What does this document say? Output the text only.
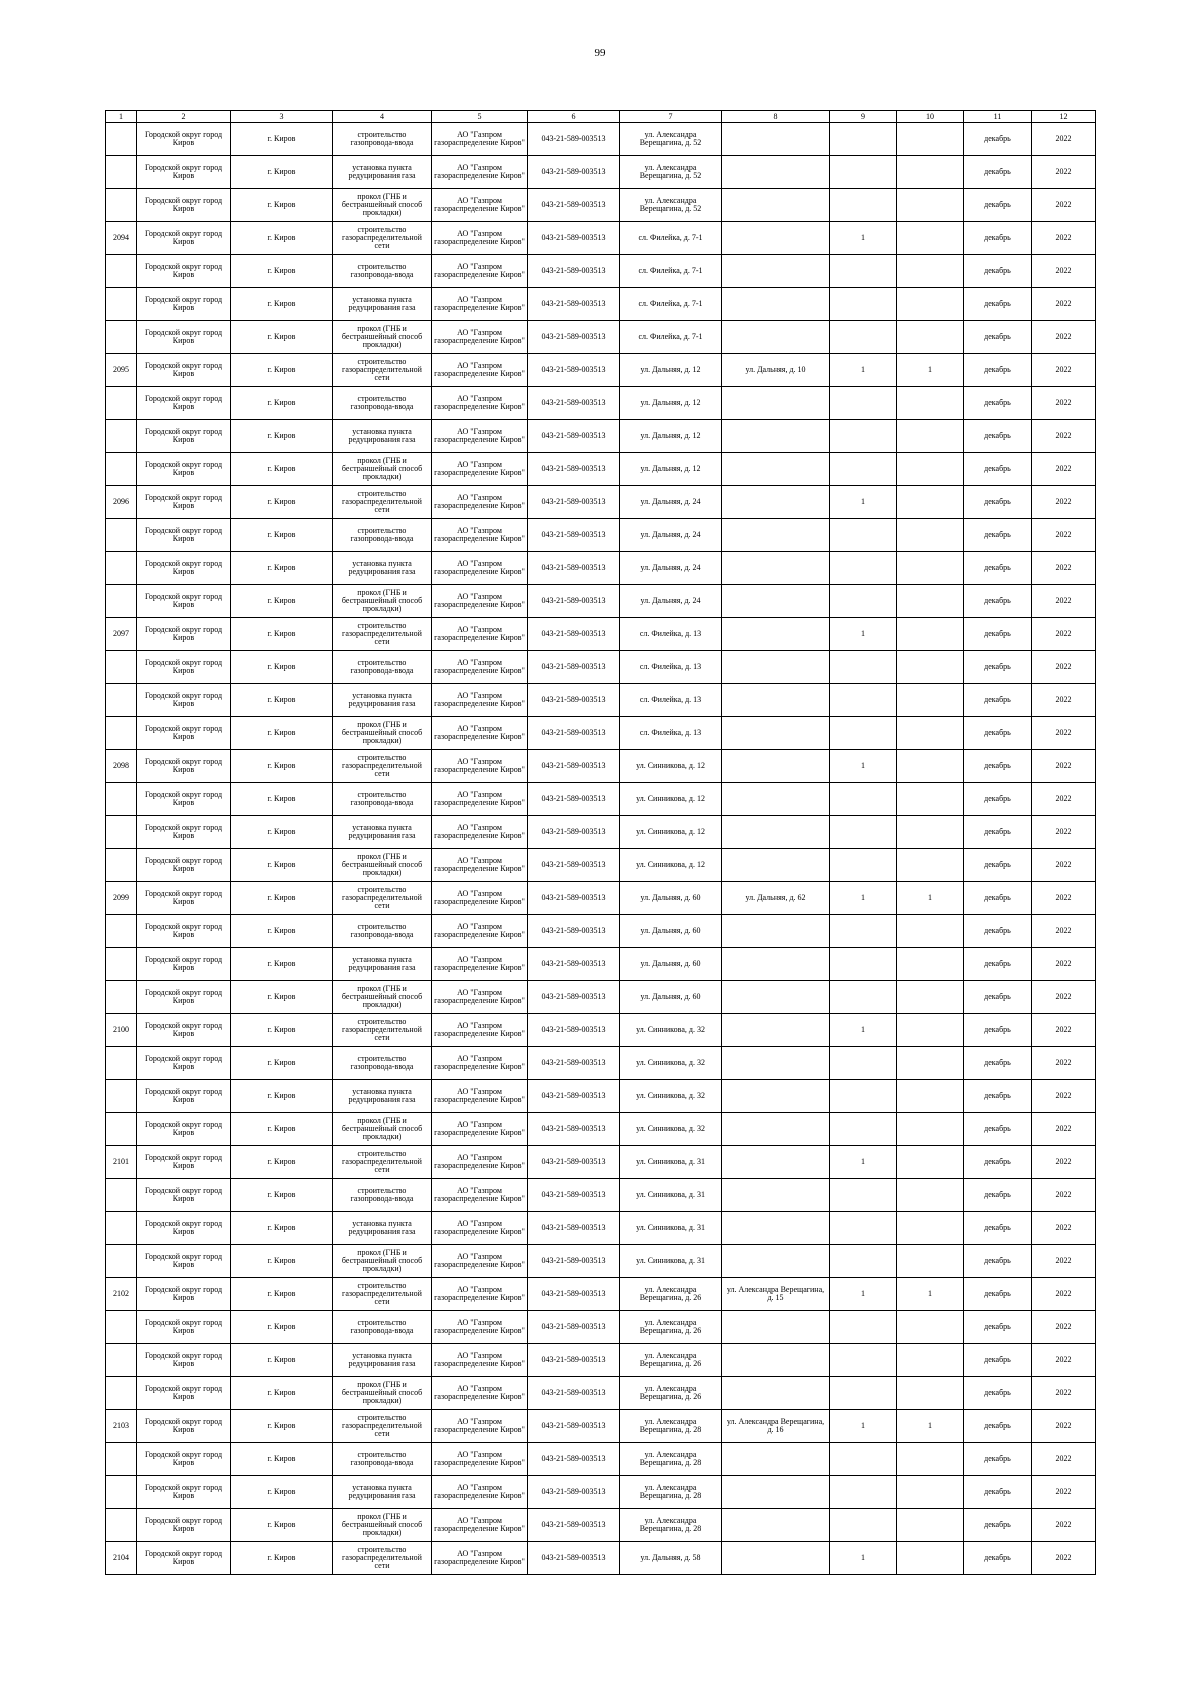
99
1	2	3	4	5	6	7	8	9	10	11	12

	Городской округ город Киров	г. Киров	строительство газопровода-ввода	АО "Газпром газораспределение Киров"	043-21-589-003513	ул. Александра Верещагина, д. 52				декабрь	2022

	Городской округ город Киров	г. Киров	установка пункта редуцирования газа	АО "Газпром газораспределение Киров"	043-21-589-003513	ул. Александра Верещагина, д. 52				декабрь	2022

	Городской округ город Киров	г. Киров	прокол (ГНБ и бестраншейный способ прокладки)	АО "Газпром газораспределение Киров"	043-21-589-003513	ул. Александра Верещагина, д. 52				декабрь	2022

2094	Городской округ город Киров	г. Киров	строительство газораспределительной сети	АО "Газпром газораспределение Киров"	043-21-589-003513	сл. Филейка, д. 7-1		1		декабрь	2022

	Городской округ город Киров	г. Киров	строительство газопровода-ввода	АО "Газпром газораспределение Киров"	043-21-589-003513	сл. Филейка, д. 7-1				декабрь	2022

	Городской округ город Киров	г. Киров	установка пункта редуцирования газа	АО "Газпром газораспределение Киров"	043-21-589-003513	сл. Филейка, д. 7-1				декабрь	2022

	Городской округ город Киров	г. Киров	прокол (ГНБ и бестраншейный способ прокладки)	АО "Газпром газораспределение Киров"	043-21-589-003513	сл. Филейка, д. 7-1				декабрь	2022

2095	Городской округ город Киров	г. Киров	строительство газораспределительной сети	АО "Газпром газораспределение Киров"	043-21-589-003513	ул. Дальняя, д. 12	ул. Дальняя, д. 10	1	1	декабрь	2022

	Городской округ город Киров	г. Киров	строительство газопровода-ввода	АО "Газпром газораспределение Киров"	043-21-589-003513	ул. Дальняя, д. 12				декабрь	2022

	Городской округ город Киров	г. Киров	установка пункта редуцирования газа	АО "Газпром газораспределение Киров"	043-21-589-003513	ул. Дальняя, д. 12				декабрь	2022

	Городской округ город Киров	г. Киров	прокол (ГНБ и бестраншейный способ прокладки)	АО "Газпром газораспределение Киров"	043-21-589-003513	ул. Дальняя, д. 12				декабрь	2022

2096	Городской округ город Киров	г. Киров	строительство газораспределительной сети	АО "Газпром газораспределение Киров"	043-21-589-003513	ул. Дальняя, д. 24		1		декабрь	2022

	Городской округ город Киров	г. Киров	строительство газопровода-ввода	АО "Газпром газораспределение Киров"	043-21-589-003513	ул. Дальняя, д. 24				декабрь	2022

	Городской округ город Киров	г. Киров	установка пункта редуцирования газа	АО "Газпром газораспределение Киров"	043-21-589-003513	ул. Дальняя, д. 24				декабрь	2022

	Городской округ город Киров	г. Киров	прокол (ГНБ и бестраншейный способ прокладки)	АО "Газпром газораспределение Киров"	043-21-589-003513	ул. Дальняя, д. 24				декабрь	2022

2097	Городской округ город Киров	г. Киров	строительство газораспределительной сети	АО "Газпром газораспределение Киров"	043-21-589-003513	сл. Филейка, д. 13		1		декабрь	2022

	Городской округ город Киров	г. Киров	строительство газопровода-ввода	АО "Газпром газораспределение Киров"	043-21-589-003513	сл. Филейка, д. 13				декабрь	2022

	Городской округ город Киров	г. Киров	установка пункта редуцирования газа	АО "Газпром газораспределение Киров"	043-21-589-003513	сл. Филейка, д. 13				декабрь	2022

	Городской округ город Киров	г. Киров	прокол (ГНБ и бестраншейный способ прокладки)	АО "Газпром газораспределение Киров"	043-21-589-003513	сл. Филейка, д. 13				декабрь	2022

2098	Городской округ город Киров	г. Киров	строительство газораспределительной сети	АО "Газпром газораспределение Киров"	043-21-589-003513	ул. Синникова, д. 12		1		декабрь	2022

	Городской округ город Киров	г. Киров	строительство газопровода-ввода	АО "Газпром газораспределение Киров"	043-21-589-003513	ул. Синникова, д. 12				декабрь	2022

	Городской округ город Киров	г. Киров	установка пункта редуцирования газа	АО "Газпром газораспределение Киров"	043-21-589-003513	ул. Синникова, д. 12				декабрь	2022

	Городской округ город Киров	г. Киров	прокол (ГНБ и бестраншейный способ прокладки)	АО "Газпром газораспределение Киров"	043-21-589-003513	ул. Синникова, д. 12				декабрь	2022

2099	Городской округ город Киров	г. Киров	строительство газораспределительной сети	АО "Газпром газораспределение Киров"	043-21-589-003513	ул. Дальняя, д. 60	ул. Дальняя, д. 62	1	1	декабрь	2022

	Городской округ город Киров	г. Киров	строительство газопровода-ввода	АО "Газпром газораспределение Киров"	043-21-589-003513	ул. Дальняя, д. 60				декабрь	2022

	Городской округ город Киров	г. Киров	установка пункта редуцирования газа	АО "Газпром газораспределение Киров"	043-21-589-003513	ул. Дальняя, д. 60				декабрь	2022

	Городской округ город Киров	г. Киров	прокол (ГНБ и бестраншейный способ прокладки)	АО "Газпром газораспределение Киров"	043-21-589-003513	ул. Дальняя, д. 60				декабрь	2022

2100	Городской округ город Киров	г. Киров	строительство газораспределительной сети	АО "Газпром газораспределение Киров"	043-21-589-003513	ул. Синникова, д. 32		1		декабрь	2022

	Городской округ город Киров	г. Киров	строительство газопровода-ввода	АО "Газпром газораспределение Киров"	043-21-589-003513	ул. Синникова, д. 32				декабрь	2022

	Городской округ город Киров	г. Киров	установка пункта редуцирования газа	АО "Газпром газораспределение Киров"	043-21-589-003513	ул. Синникова, д. 32				декабрь	2022

	Городской округ город Киров	г. Киров	прокол (ГНБ и бестраншейный способ прокладки)	АО "Газпром газораспределение Киров"	043-21-589-003513	ул. Синникова, д. 32				декабрь	2022

2101	Городской округ город Киров	г. Киров	строительство газораспределительной сети	АО "Газпром газораспределение Киров"	043-21-589-003513	ул. Синникова, д. 31		1		декабрь	2022

	Городской округ город Киров	г. Киров	строительство газопровода-ввода	АО "Газпром газораспределение Киров"	043-21-589-003513	ул. Синникова, д. 31				декабрь	2022

	Городской округ город Киров	г. Киров	установка пункта редуцирования газа	АО "Газпром газораспределение Киров"	043-21-589-003513	ул. Синникова, д. 31				декабрь	2022

	Городской округ город Киров	г. Киров	прокол (ГНБ и бестраншейный способ прокладки)	АО "Газпром газораспределение Киров"	043-21-589-003513	ул. Синникова, д. 31				декабрь	2022

2102	Городской округ город Киров	г. Киров	строительство газораспределительной сети	АО "Газпром газораспределение Киров"	043-21-589-003513	ул. Александра Верещагина, д. 26	ул. Александра Верещагина, д. 15	1	1	декабрь	2022

	Городской округ город Киров	г. Киров	строительство газопровода-ввода	АО "Газпром газораспределение Киров"	043-21-589-003513	ул. Александра Верещагина, д. 26				декабрь	2022

	Городской округ город Киров	г. Киров	установка пункта редуцирования газа	АО "Газпром газораспределение Киров"	043-21-589-003513	ул. Александра Верещагина, д. 26				декабрь	2022

	Городской округ город Киров	г. Киров	прокол (ГНБ и бестраншейный способ прокладки)	АО "Газпром газораспределение Киров"	043-21-589-003513	ул. Александра Верещагина, д. 26				декабрь	2022

2103	Городской округ город Киров	г. Киров	строительство газораспределительной сети	АО "Газпром газораспределение Киров"	043-21-589-003513	ул. Александра Верещагина, д. 28	ул. Александра Верещагина, д. 16	1	1	декабрь	2022

	Городской округ город Киров	г. Киров	строительство газопровода-ввода	АО "Газпром газораспределение Киров"	043-21-589-003513	ул. Александра Верещагина, д. 28				декабрь	2022

	Городской округ город Киров	г. Киров	установка пункта редуцирования газа	АО "Газпром газораспределение Киров"	043-21-589-003513	ул. Александра Верещагина, д. 28				декабрь	2022

	Городской округ город Киров	г. Киров	прокол (ГНБ и бестраншейный способ прокладки)	АО "Газпром газораспределение Киров"	043-21-589-003513	ул. Александра Верещагина, д. 28				декабрь	2022

2104	Городской округ город Киров	г. Киров	строительство газораспределительной сети	АО "Газпром газораспределение Киров"	043-21-589-003513	ул. Дальняя, д. 58		1		декабрь	2022
